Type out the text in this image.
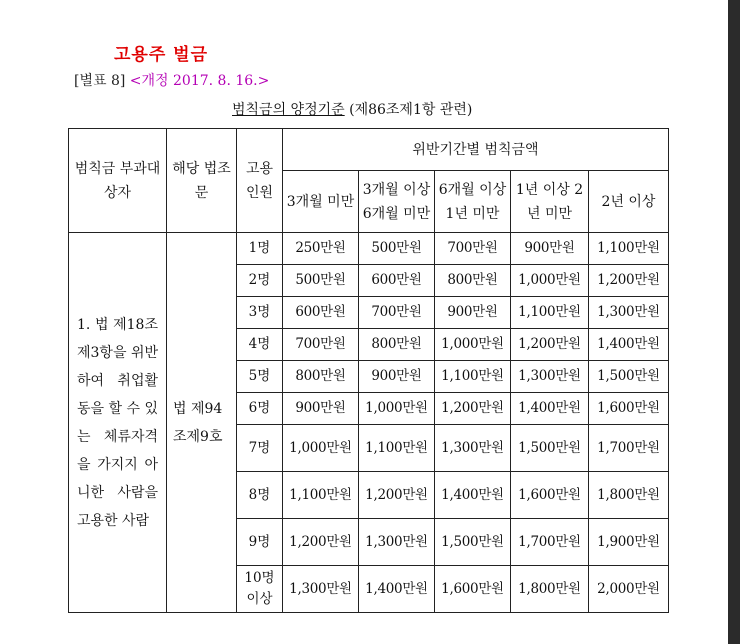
고용주 벌금
[별표 8] <개정 2017. 8. 16.>
범칙금의 양정기준 (제86조제1항 관련)
범칙금 부과대상자	해당 법조문	고용 인원	위반기간별 범칙금액				
			3개월 미만	3개월 이상 6개월 미만	6개월 이상 1년 미만	1년 이상 2년 미만	2년 이상
1. 법 제18조제3항을 위반하여 취업활동을 할 수 있는 체류자격을 가지지 아니한 사람을 고용한 사람	법 제94조제9호	1명	250만원	500만원	700만원	900만원	1,100만원
		2명	500만원	600만원	800만원	1,000만원	1,200만원
		3명	600만원	700만원	900만원	1,100만원	1,300만원
		4명	700만원	800만원	1,000만원	1,200만원	1,400만원
		5명	800만원	900만원	1,100만원	1,300만원	1,500만원
		6명	900만원	1,000만원	1,200만원	1,400만원	1,600만원
		7명	1,000만원	1,100만원	1,300만원	1,500만원	1,700만원
		8명	1,100만원	1,200만원	1,400만원	1,600만원	1,800만원
		9명	1,200만원	1,300만원	1,500만원	1,700만원	1,900만원
		10명 이상	1,300만원	1,400만원	1,600만원	1,800만원	2,000만원
